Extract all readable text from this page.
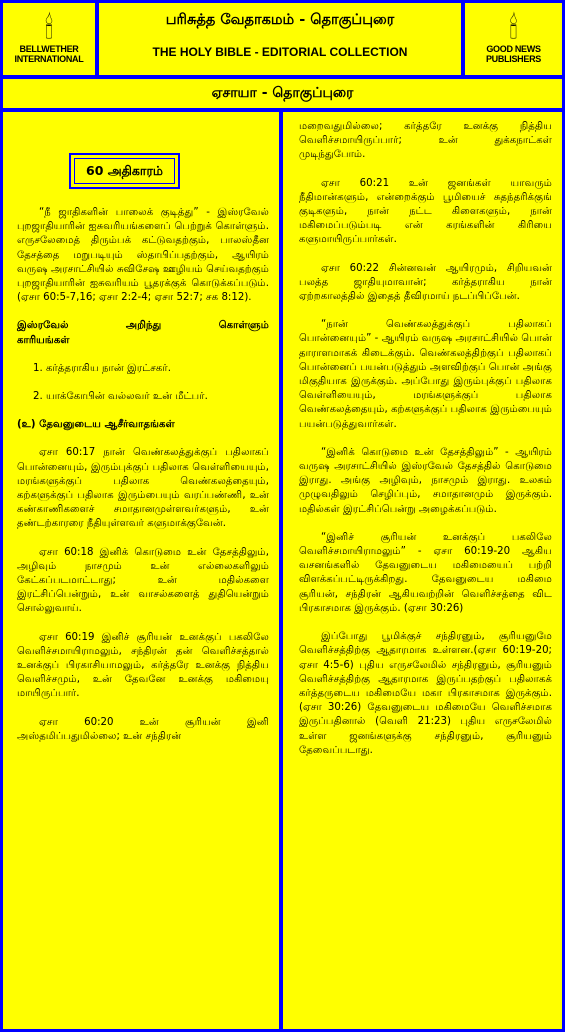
🕯
BELLWETHER INTERNATIONAL
பரிசுத்த வேதாகமம் - தொகுப்புரை
THE HOLY BIBLE - EDITORIAL COLLECTION
🕯
GOOD NEWS PUBLISHERS
ஏசாயா - தொகுப்புரை
60 அதிகாரம்

“நீ ஜாதிகளின் பாலைக் குடித்து” - இஸ்ரவேல் புறஜாதியாரின் ஐசுவரியங்களைப் பெற்றுக் கொள்ளும். எருசலேமைத் திரும்பக் கட்டுவதற்கும், பாலஸ்தீன தேசத்தை மறுபடியும் ஸ்தாபிப்பதற்கும், ஆயிரம் வருஷ அரசாட்சியில் சுவிசேஷ ஊழியம் செய்வதற்கும் புறஜாதியாரின் ஐசுவரியம் பூதரக்குக் கொடுக்கப்படும்.(ஏசா 60:5-7,16; ஏசா 2:2-4; ஏசா 52:7; சக 8:12).

இஸ்ரவேல் அறிந்து கொள்ளும் காரியங்கள்

1. கர்த்தராகிய நான் இரட்சகர்.

2. யாக்கோபின் வல்லவர் உன் மீட்பர்.

(உ) தேவனுடைய ஆசீர்வாதங்கள்

ஏசா 60:17 நான் வெண்கலத்துக்குப் பதிலாகப் பொன்னையும், இரும்புக்குப் பதிலாக வெள்ளியையும், மரங்களுக்குப் பதிலாக வெண்கலத்தையும், கற்களுக்குப் பதிலாக இரும்பையும் வரப்பண்ணி, உன் கண்காணிகளைச் சமாதானமுள்ளவர்களும், உன் தண்டற்காரரை நீதியுள்ளவர் களுமாக்குவேன்.

ஏசா 60:18 இனிக் கொடுமை உன் தேசத்திலும், அழிவும் நாசமும் உன் எல்லைகளிலும் கேட்கப்படமாட்டாது; உன் மதில்களை இரட்சிப்பென்றும், உன் வாசல்களைத் துதியென்றும் சொல்லுவாய்.

ஏசா 60:19 இனிச் சூரியன் உனக்குப் பகலிலே வெளிச்சமாயிராமலும், சந்திரன் தன் வெளிச்சத்தால் உனக்குப் பிரகாசியாமலும், கர்த்தரே உனக்கு நித்திய வெளிச்சமும், உன் தேவனே உனக்கு மகிமையு மாயிருப்பார்.

ஏசா 60:20 உன் சூரியன் இனி அஸ்தமிப்பதுமில்லை; உன் சந்திரன்

மறைவதுமில்லை; கர்த்தரே உனக்கு நித்திய வெளிச்சமாயிருப்பார்; உன் துக்கநாட்கள் முடிந்துபோம்.

ஏசா 60:21 உன் ஜனங்கள் யாவரும் நீதிமான்களும், என்றைக்கும் பூமியைச் சுதந்தரிக்குங் குடிகளும், நான் நட்ட கிளைகளும், நான் மகிமைப்படும்படி என் கரங்களின் கிரியை களுமாயிருப்பார்கள்.

ஏசா 60:22 சின்னவன் ஆயிரமும், சிறியவன் பலத்த ஜாதியுமாவான்; கர்த்தராகிய நான் ஏற்றகாலத்தில் இதைத் தீவிரமாய் நடப்பிப்பேன்.

“நான் வெண்கலத்துக்குப் பதிலாகப் பொன்னையும்” - ஆயிரம் வருஷ அரசாட்சியில் பொன் தாராளமாகக் கிடைக்கும். வெண்கலத்திற்குப் பதிலாகப் பொன்னைப் பயன்படுத்தும் அளவிற்குப் பொன் அங்கு மிகுதியாக இருக்கும். அப்போது இரும்புக்குப் பதிலாக வெள்ளியையும், மரங்களுக்குப் பதிலாக வெண்கலத்தையும், கற்களுக்குப் பதிலாக இரும்பையும் பயன்படுத்துவார்கள்.

“இனிக் கொடுமை உன் தேசத்திலும்” - ஆயிரம் வருஷ அரசாட்சியில் இஸ்ரவேல் தேசத்தில் கொடுமை இராது. அங்கு அழிவும், நாசமும் இராது. உலகம் முழுவதிலும் செழிப்பும், சமாதானமும் இருக்கும். மதில்கள் இரட்சிப்பென்று அழைக்கப்படும்.

“இனிச் சூரியன் உனக்குப் பகலிலே வெளிச்சமாயிராமலும்” - ஏசா 60:19-20 ஆகிய வசனங்களில் தேவனுடைய மகிமையைப் பற்றி விளக்கப்பட்டிருக்கிறது. தேவனுடைய மகிமை சூரியன், சந்திரன் ஆகியவற்றின் வெளிச்சத்தை விட பிரகாசமாக இருக்கும். (ஏசா 30:26)

இப்போது பூமிக்குச் சந்திரனும், சூரியனுமே வெளிச்சத்திற்கு ஆதாரமாக உள்ளன.(ஏசா 60:19-20; ஏசா 4:5-6) புதிய எருசலேமில் சந்திரனும், சூரியனும் வெளிச்சத்திற்கு ஆதாரமாக இருப்பதற்குப் பதிலாகக் கர்த்தருடைய மகிமையே மகா பிரகாசமாக இருக்கும். (ஏசா 30:26) தேவனுடைய மகிமையே வெளிச்சமாக இருப்பதினால் (வெளி 21:23) புதிய எருசலேமில் உள்ள ஜனங்களுக்கு சந்திரனும், சூரியனும் தேவைப்படாது.
